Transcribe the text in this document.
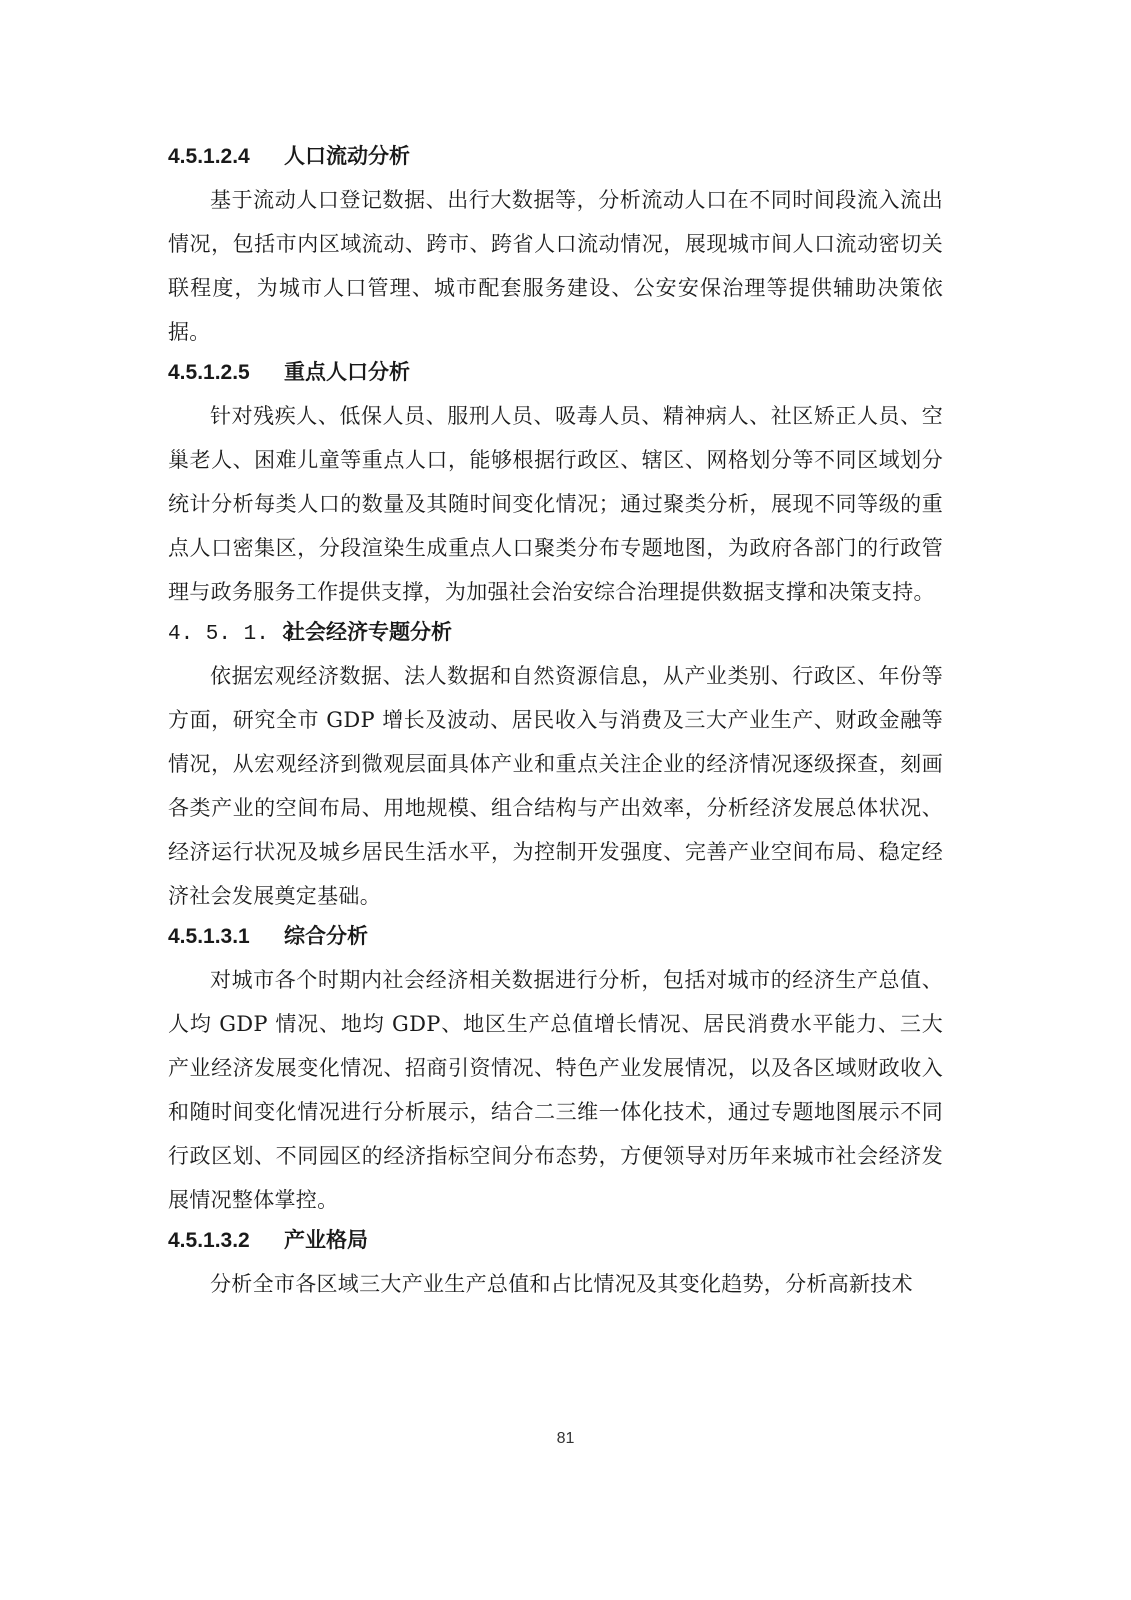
4.5.1.2.4 人口流动分析

基于流动人口登记数据、出行大数据等，分析流动人口在不同时间段流入流出情况，包括市内区域流动、跨市、跨省人口流动情况，展现城市间人口流动密切关联程度，为城市人口管理、城市配套服务建设、公安安保治理等提供辅助决策依据。

4.5.1.2.5 重点人口分析

针对残疾人、低保人员、服刑人员、吸毒人员、精神病人、社区矫正人员、空巢老人、困难儿童等重点人口，能够根据行政区、辖区、网格划分等不同区域划分统计分析每类人口的数量及其随时间变化情况；通过聚类分析，展现不同等级的重点人口密集区，分段渲染生成重点人口聚类分布专题地图，为政府各部门的行政管理与政务服务工作提供支撑，为加强社会治安综合治理提供数据支撑和决策支持。

4. 5. 1. 3社会经济专题分析

依据宏观经济数据、法人数据和自然资源信息，从产业类别、行政区、年份等方面，研究全市 GDP 增长及波动、居民收入与消费及三大产业生产、财政金融等情况，从宏观经济到微观层面具体产业和重点关注企业的经济情况逐级探查，刻画各类产业的空间布局、用地规模、组合结构与产出效率，分析经济发展总体状况、经济运行状况及城乡居民生活水平，为控制开发强度、完善产业空间布局、稳定经济社会发展奠定基础。

4.5.1.3.1 综合分析

对城市各个时期内社会经济相关数据进行分析，包括对城市的经济生产总值、人均 GDP 情况、地均 GDP、地区生产总值增长情况、居民消费水平能力、三大产业经济发展变化情况、招商引资情况、特色产业发展情况，以及各区域财政收入和随时间变化情况进行分析展示，结合二三维一体化技术，通过专题地图展示不同行政区划、不同园区的经济指标空间分布态势，方便领导对历年来城市社会经济发展情况整体掌控。

4.5.1.3.2 产业格局

分析全市各区域三大产业生产总值和占比情况及其变化趋势，分析高新技术

81
